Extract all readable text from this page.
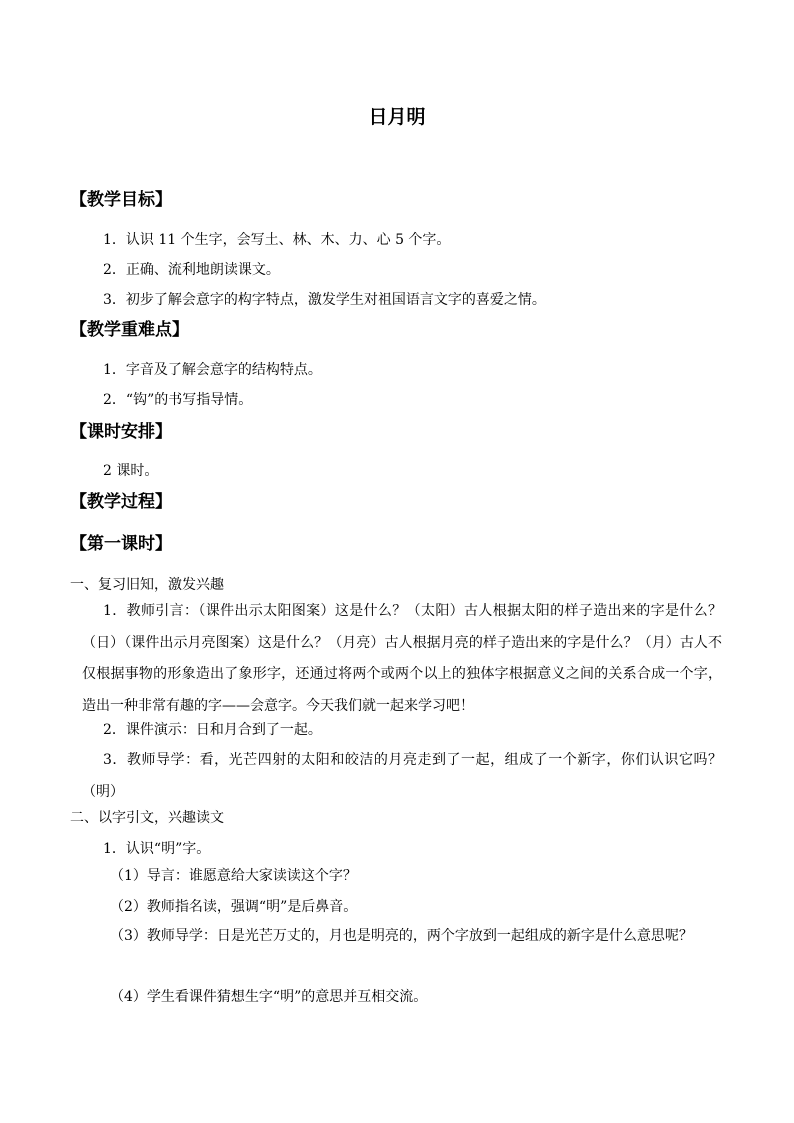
日月明
【教学目标】
1．认识 11 个生字，会写土、林、木、力、心 5 个字。
2．正确、流利地朗读课文。
3．初步了解会意字的构字特点，激发学生对祖国语言文字的喜爱之情。
【教学重难点】
1．字音及了解会意字的结构特点。
2．“钩”的书写指导情。
【课时安排】
2 课时。
【教学过程】
【第一课时】
一、复习旧知，激发兴趣
1．教师引言：（课件出示太阳图案）这是什么？（太阳）古人根据太阳的样子造出来的字是什么？（日）（课件出示月亮图案）这是什么？（月亮）古人根据月亮的样子造出来的字是什么？（月）古人不仅根据事物的形象造出了象形字，还通过将两个或两个以上的独体字根据意义之间的关系合成一个字，造出一种非常有趣的字——会意字。今天我们就一起来学习吧！
2．课件演示：日和月合到了一起。
3．教师导学：看，光芒四射的太阳和皎洁的月亮走到了一起，组成了一个新字，你们认识它吗？（明）
二、以字引文，兴趣读文
1．认识“明”字。
（1）导言：谁愿意给大家读读这个字？
（2）教师指名读，强调“明”是后鼻音。
（3）教师导学：日是光芒万丈的，月也是明亮的，两个字放到一起组成的新字是什么意思呢？
（4）学生看课件猜想生字“明”的意思并互相交流。
